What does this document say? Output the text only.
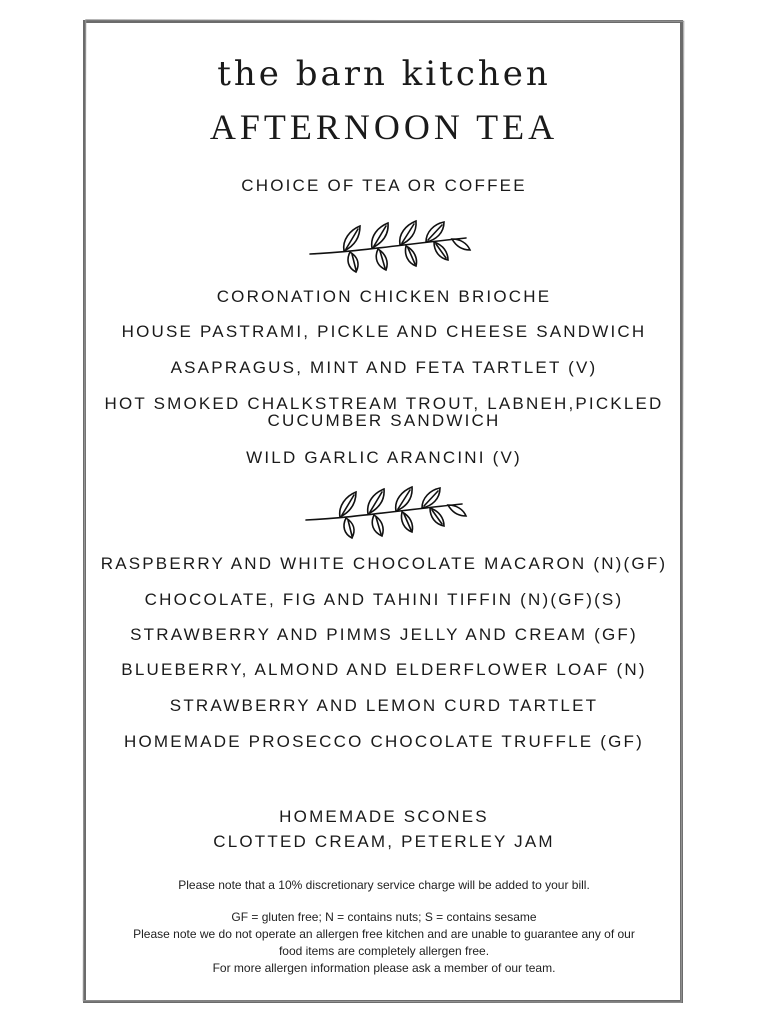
the barn kitchen
AFTERNOON TEA
CHOICE OF TEA OR COFFEE
CORONATION CHICKEN BRIOCHE
HOUSE PASTRAMI, PICKLE AND CHEESE SANDWICH
ASAPRAGUS, MINT AND FETA TARTLET (V)
HOT SMOKED CHALKSTREAM TROUT, LABNEH,PICKLED
CUCUMBER SANDWICH
WILD GARLIC ARANCINI (V)
RASPBERRY AND WHITE CHOCOLATE MACARON (N)(GF)
CHOCOLATE, FIG AND TAHINI TIFFIN (N)(GF)(S)
STRAWBERRY AND PIMMS JELLY AND CREAM (GF)
BLUEBERRY, ALMOND AND ELDERFLOWER LOAF (N)
STRAWBERRY AND LEMON CURD TARTLET
HOMEMADE PROSECCO CHOCOLATE TRUFFLE (GF)
HOMEMADE SCONES
CLOTTED CREAM, PETERLEY JAM
Please note that a 10% discretionary service charge will be added to your bill.
GF = gluten free; N = contains nuts; S = contains sesame
Please note we do not operate an allergen free kitchen and are unable to guarantee any of our
food items are completely allergen free.
For more allergen information please ask a member of our team.
